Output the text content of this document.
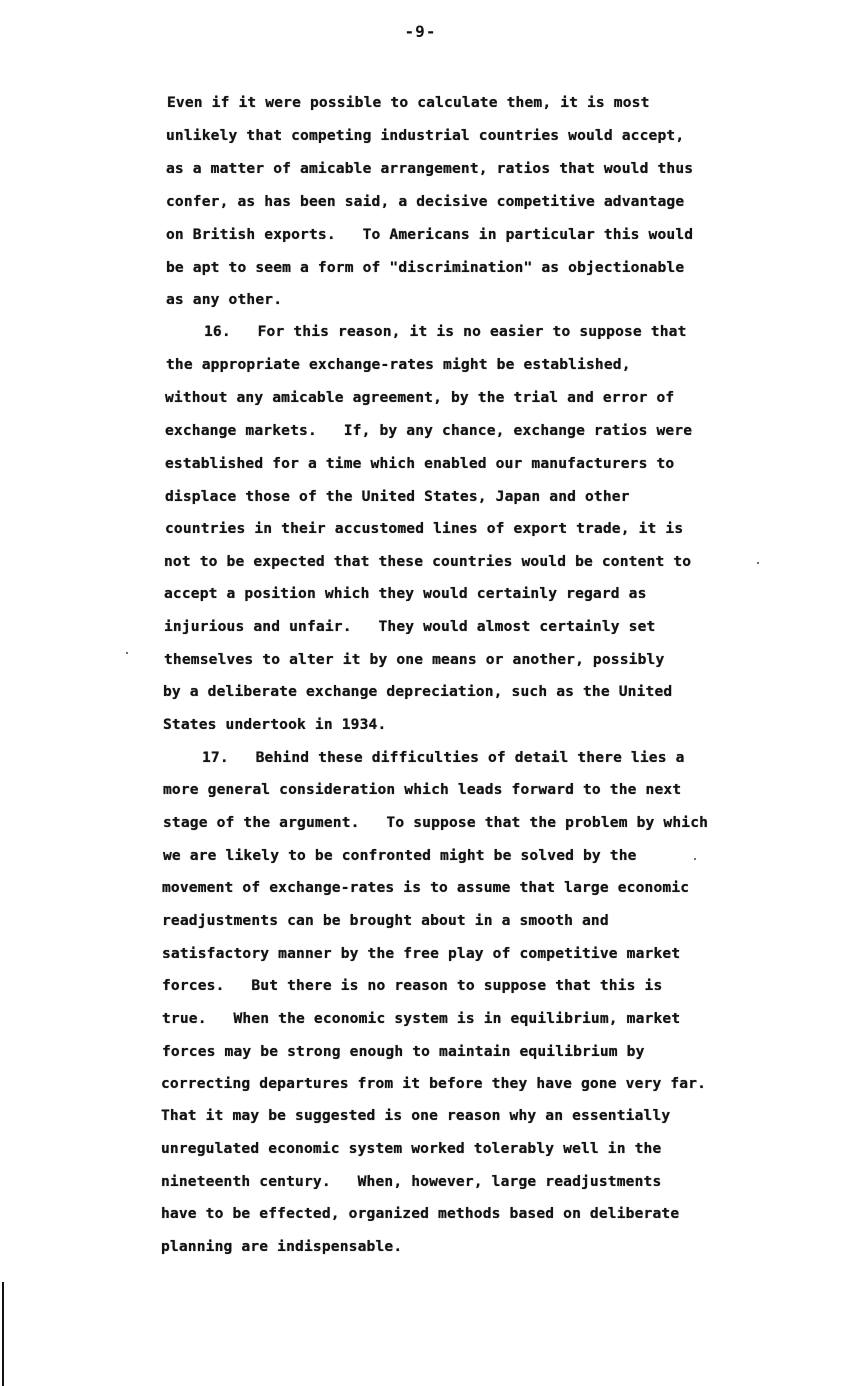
-9-
Even if it were possible to calculate them, it is most
unlikely that competing industrial countries would accept,
as a matter of amicable arrangement, ratios that would thus
confer, as has been said, a decisive competitive advantage
on British exports.   To Americans in particular this would
be apt to seem a form of "discrimination" as objectionable
as any other.
16.   For this reason, it is no easier to suppose that
the appropriate exchange-rates might be established,
without any amicable agreement, by the trial and error of
exchange markets.   If, by any chance, exchange ratios were
established for a time which enabled our manufacturers to
displace those of the United States, Japan and other
countries in their accustomed lines of export trade, it is
not to be expected that these countries would be content to
accept a position which they would certainly regard as
injurious and unfair.   They would almost certainly set
themselves to alter it by one means or another, possibly
by a deliberate exchange depreciation, such as the United
States undertook in 1934.
17.   Behind these difficulties of detail there lies a
more general consideration which leads forward to the next
stage of the argument.   To suppose that the problem by which
we are likely to be confronted might be solved by the
movement of exchange-rates is to assume that large economic
readjustments can be brought about in a smooth and
satisfactory manner by the free play of competitive market
forces.   But there is no reason to suppose that this is
true.   When the economic system is in equilibrium, market
forces may be strong enough to maintain equilibrium by
correcting departures from it before they have gone very far.
That it may be suggested is one reason why an essentially
unregulated economic system worked tolerably well in the
nineteenth century.   When, however, large readjustments
have to be effected, organized methods based on deliberate
planning are indispensable.
